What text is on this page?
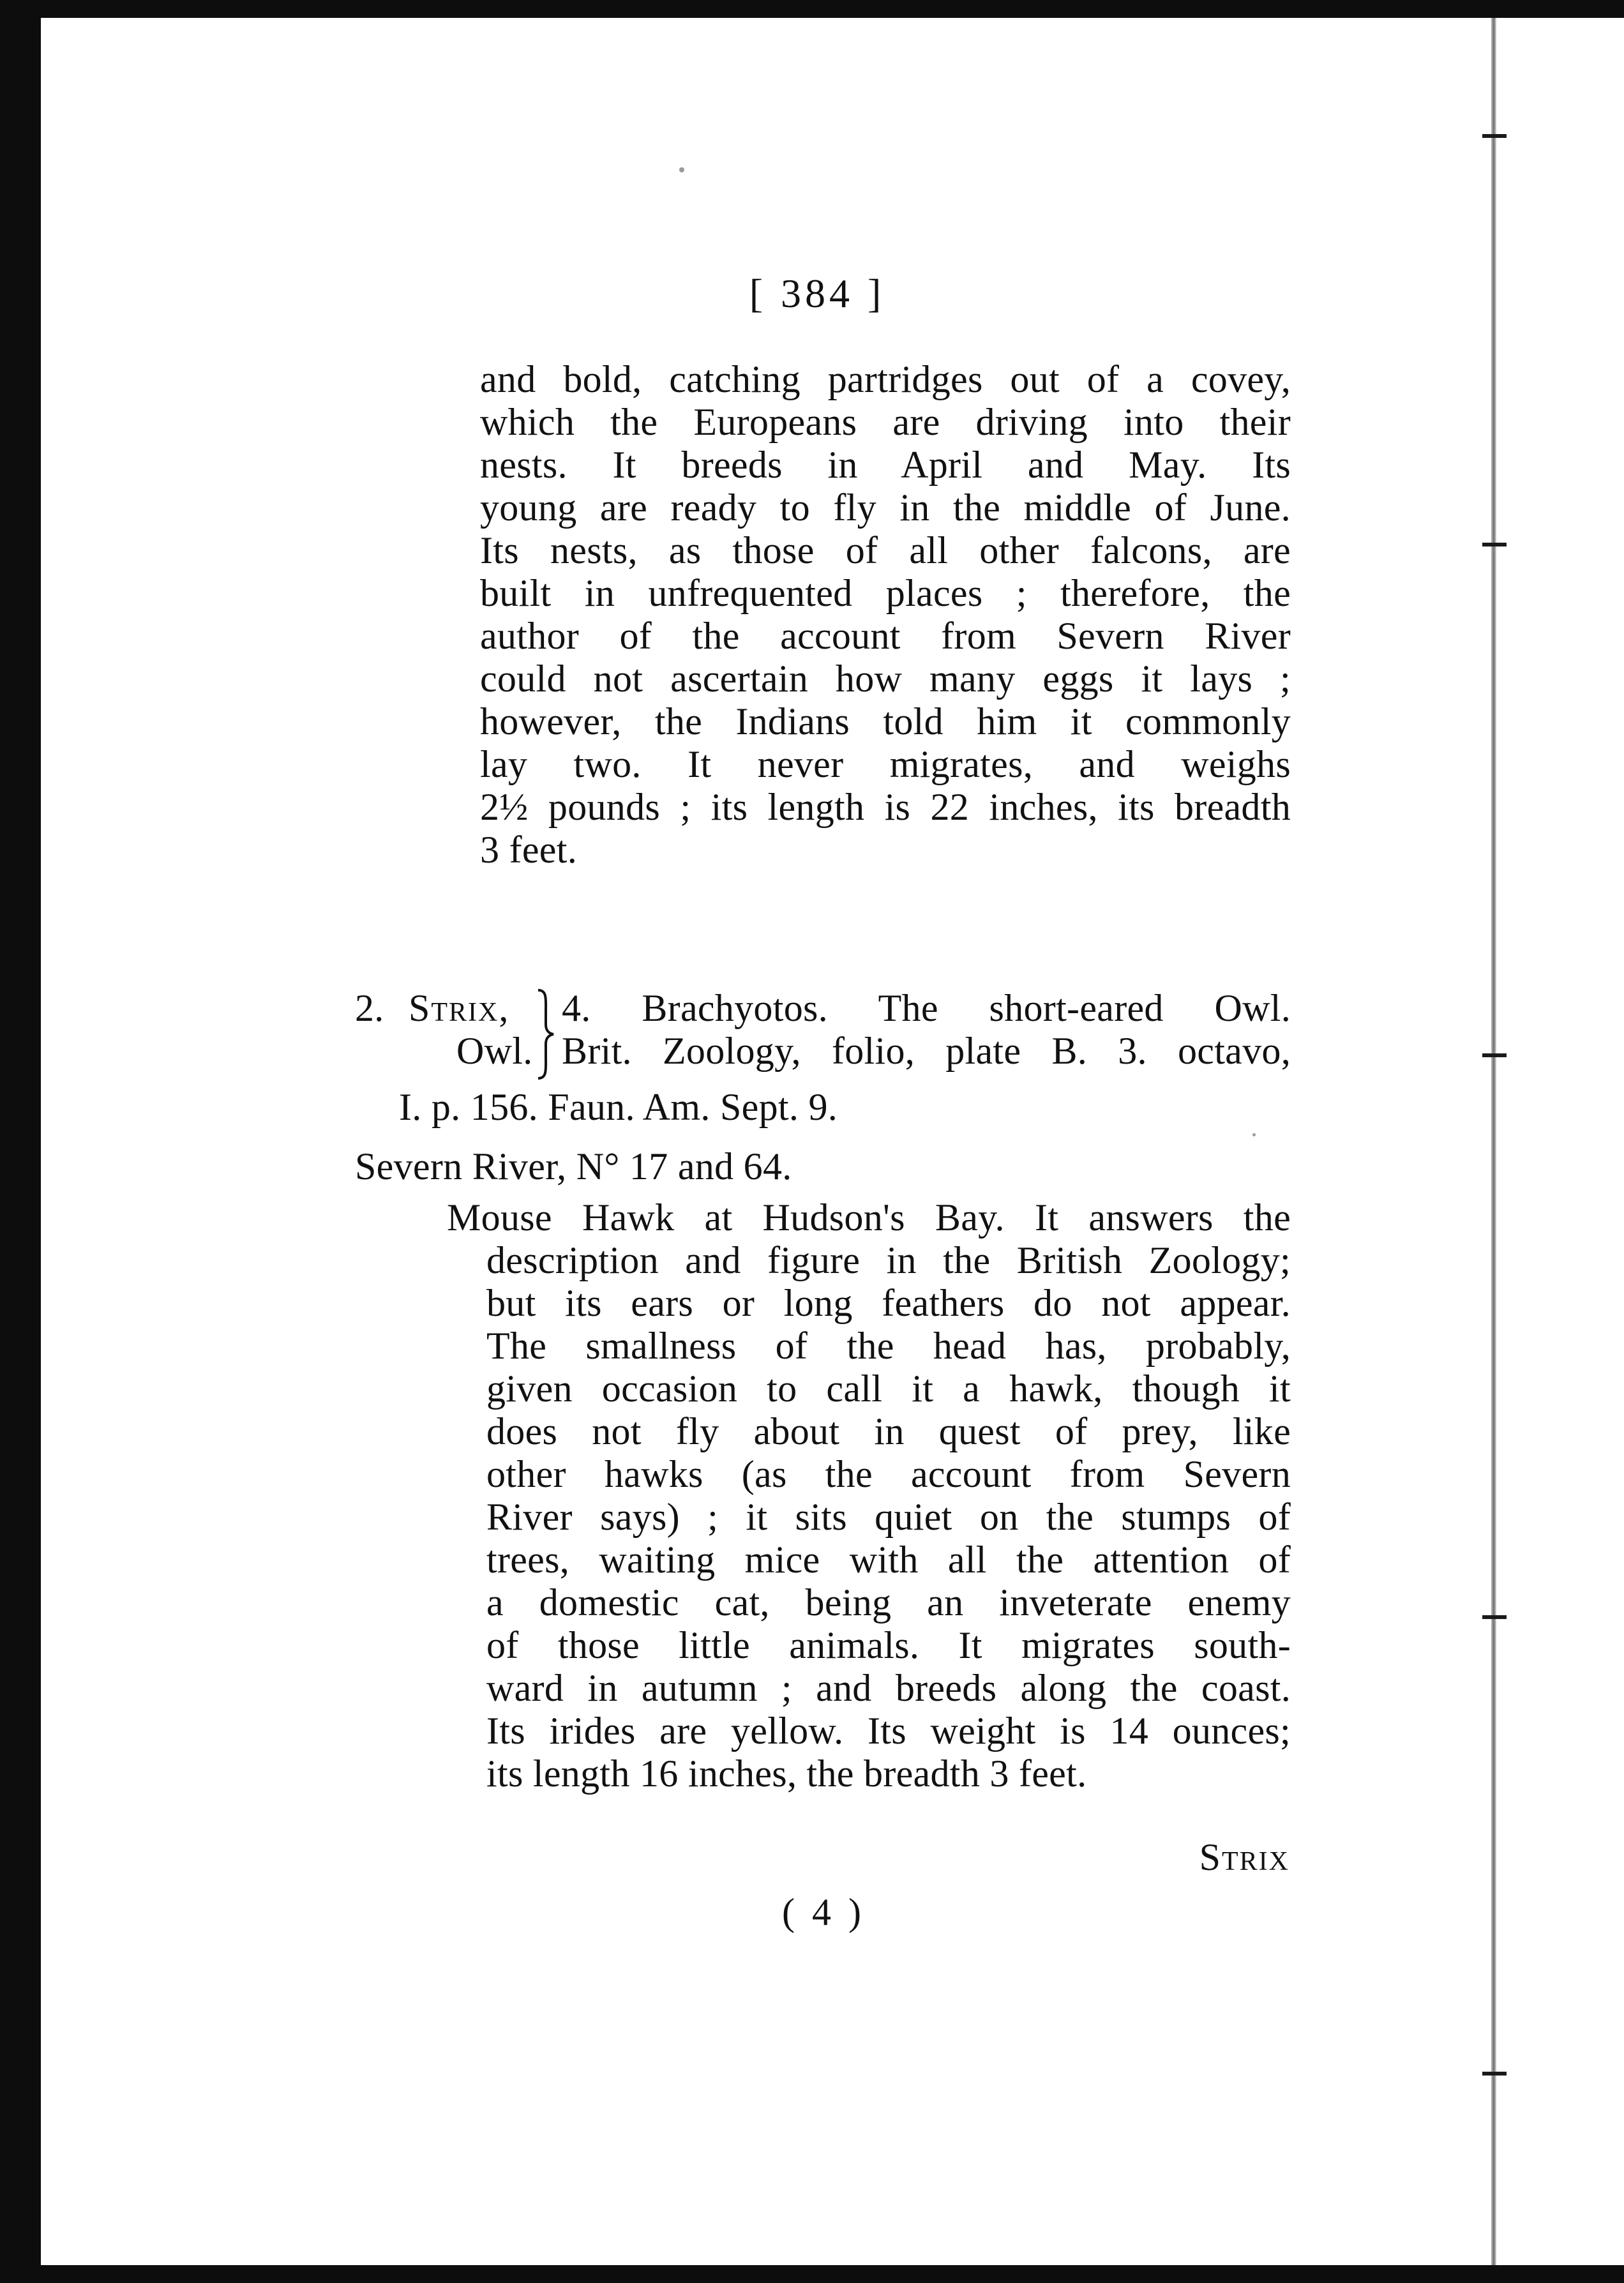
[ 384 ]
and bold, catching partridges out of a covey,
which the Europeans are driving into their
nests. It breeds in April and May. Its
young are ready to fly in the middle of June.
Its nests, as those of all other falcons, are
built in unfrequented places ; therefore, the
author of the account from Severn River
could not ascertain how many eggs it lays ;
however, the Indians told him it commonly
lay two. It never migrates, and weighs
2½ pounds ; its length is 22 inches, its breadth
3 feet.
2. Strix,
Owl.
4. Brachyotos. The short-eared Owl.
Brit. Zoology, folio, plate B. 3. octavo,
I. p. 156. Faun. Am. Sept. 9.
Severn River, N° 17 and 64.
Mouse Hawk at Hudson's Bay. It answers the
description and figure in the British Zoology;
but its ears or long feathers do not appear.
The smallness of the head has, probably,
given occasion to call it a hawk, though it
does not fly about in quest of prey, like
other hawks (as the account from Severn
River says) ; it sits quiet on the stumps of
trees, waiting mice with all the attention of
a domestic cat, being an inveterate enemy
of those little animals. It migrates south-
ward in autumn ; and breeds along the coast.
Its irides are yellow. Its weight is 14 ounces;
its length 16 inches, the breadth 3 feet.
Strix
( 4 )
